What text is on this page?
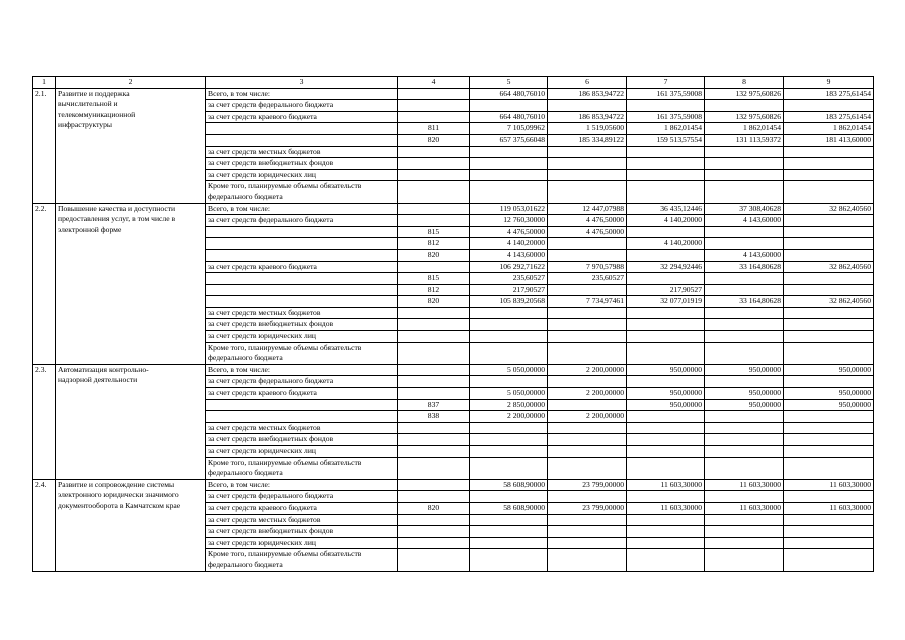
1	2	3	4	5	6	7	8	9
2.1.	Развитие и поддержка
вычислительной и
телекоммуникационной
инфраструктуры	Всего, в том числе:		664 480,76010	186 853,94722	161 375,59008	132 975,60826	183 275,61454
		за счет средств федерального бюджета						
		за счет средств краевого бюджета		664 480,76010	186 853,94722	161 375,59008	132 975,60826	183 275,61454
			811	7 105,09962	1 519,05600	1 862,01454	1 862,01454	1 862,01454
			820	657 375,66048	185 334,89122	159 513,57554	131 113,59372	181 413,60000
		за счет средств местных бюджетов						
		за счет средств внебюджетных фондов						
		за счет средств юридических лиц						
		Кроме того, планируемые объемы обязательств федерального бюджета						
2.2.	Повышение качества и доступности
предоставления услуг, в том числе в
электронной форме	Всего, в том числе:		119 053,01622	12 447,07988	36 435,12446	37 308,40628	32 862,40560
		за счет средств федерального бюджета		12 760,30000	4 476,50000	4 140,20000	4 143,60000	
			815	4 476,50000	4 476,50000			
			812	4 140,20000		4 140,20000		
			820	4 143,60000			4 143,60000	
		за счет средств краевого бюджета		106 292,71622	7 970,57988	32 294,92446	33 164,80628	32 862,40560
			815	235,60527	235,60527			
			812	217,90527		217,90527		
			820	105 839,20568	7 734,97461	32 077,01919	33 164,80628	32 862,40560
		за счет средств местных бюджетов						
		за счет средств внебюджетных фондов						
		за счет средств юридических лиц						
		Кроме того, планируемые объемы обязательств федерального бюджета						
2.3.	Автоматизация контрольно-
надзорной деятельности	Всего, в том числе:		5 050,00000	2 200,00000	950,00000	950,00000	950,00000
		за счет средств федерального бюджета						
		за счет средств краевого бюджета		5 050,00000	2 200,00000	950,00000	950,00000	950,00000
			837	2 850,00000		950,00000	950,00000	950,00000
			838	2 200,00000	2 200,00000			
		за счет средств местных бюджетов						
		за счет средств внебюджетных фондов						
		за счет средств юридических лиц						
		Кроме того, планируемые объемы обязательств федерального бюджета						
2.4.	Развитие и сопровождение системы
электронного юридически значимого
документооборота в Камчатском крае	Всего, в том числе:		58 608,90000	23 799,00000	11 603,30000	11 603,30000	11 603,30000
		за счет средств федерального бюджета						
		за счет средств краевого бюджета	820	58 608,90000	23 799,00000	11 603,30000	11 603,30000	11 603,30000
		за счет средств местных бюджетов						
		за счет средств внебюджетных фондов						
		за счет средств юридических лиц						
		Кроме того, планируемые объемы обязательств федерального бюджета						
